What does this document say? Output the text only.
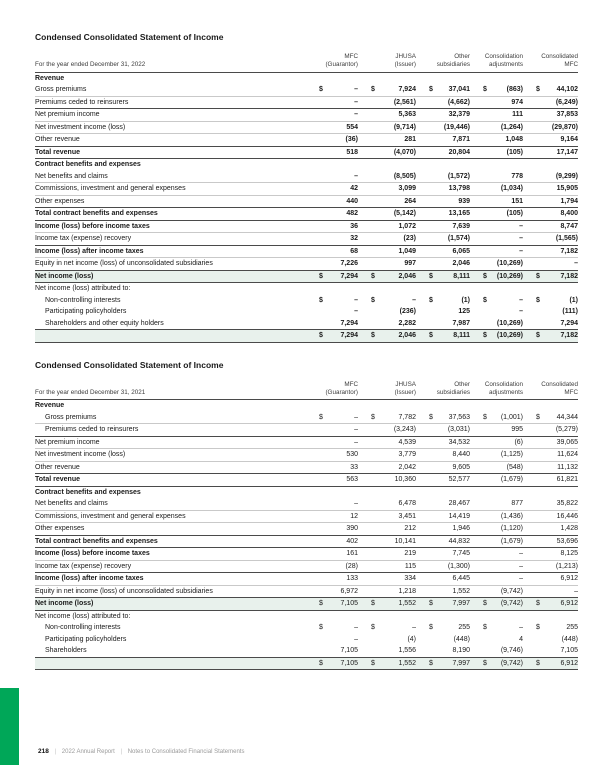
Condensed Consolidated Statement of Income
For the year ended December 31, 2022	
MFC
(Guarantor)

JHUSA
(Issuer)

Other
subsidiaries

Consolidation
adjustments

Consolidated
MFC

Revenue					
Gross premiums	$ –	$ 7,924	$ 37,041	$ (863)	$ 44,102

Premiums ceded to reinsurers	–	(2,561)	(4,662)	974	(6,249)

Net premium income	–	5,363	32,379	111	37,853

Net investment income (loss)	554	(9,714)	(19,446)	(1,264)	(29,870)

Other revenue	(36)	281	7,871	1,048	9,164

Total revenue	518	(4,070)	20,804	(105)	17,147

Contract benefits and expenses					
Net benefits and claims	–	(8,505)	(1,572)	778	(9,299)

Commissions, investment and general expenses	42	3,099	13,798	(1,034)	15,905

Other expenses	440	264	939	151	1,794

Total contract benefits and expenses	482	(5,142)	13,165	(105)	8,400

Income (loss) before income taxes	36	1,072	7,639	–	8,747

Income tax (expense) recovery	32	(23)	(1,574)	–	(1,565)

Income (loss) after income taxes	68	1,049	6,065	–	7,182

Equity in net income (loss) of unconsolidated subsidiaries	7,226	997	2,046	(10,269)	–

Net income (loss)	$ 7,294	$ 2,046	$ 8,111	$ (10,269)	$ 7,182

Net income (loss) attributed to:					
Non-controlling interests	$ –	$ –	$ (1)	$ –	$ (1)

Participating policyholders	–	(236)	125	–	(111)

Shareholders and other equity holders	7,294	2,282	7,987	(10,269)	7,294

	$ 7,294	$ 2,046	$ 8,111	$ (10,269)	$ 7,182
Condensed Consolidated Statement of Income
For the year ended December 31, 2021	
MFC
(Guarantor)

JHUSA
(Issuer)

Other
subsidiaries

Consolidation
adjustments

Consolidated
MFC

Revenue					
Gross premiums	$ –	$ 7,782	$ 37,563	$ (1,001)	$ 44,344

Premiums ceded to reinsurers	–	(3,243)	(3,031)	995	(5,279)

Net premium income	–	4,539	34,532	(6)	39,065

Net investment income (loss)	530	3,779	8,440	(1,125)	11,624

Other revenue	33	2,042	9,605	(548)	11,132

Total revenue	563	10,360	52,577	(1,679)	61,821

Contract benefits and expenses					
Net benefits and claims	–	6,478	28,467	877	35,822

Commissions, investment and general expenses	12	3,451	14,419	(1,436)	16,446

Other expenses	390	212	1,946	(1,120)	1,428

Total contract benefits and expenses	402	10,141	44,832	(1,679)	53,696

Income (loss) before income taxes	161	219	7,745	–	8,125

Income tax (expense) recovery	(28)	115	(1,300)	–	(1,213)

Income (loss) after income taxes	133	334	6,445	–	6,912

Equity in net income (loss) of unconsolidated subsidiaries	6,972	1,218	1,552	(9,742)	–

Net income (loss)	$ 7,105	$ 1,552	$ 7,997	$ (9,742)	$ 6,912

Net income (loss) attributed to:					
Non-controlling interests	$ –	$ –	$ 255	$ –	$ 255

Participating policyholders	–	(4)	(448)	4	(448)

Shareholders	7,105	1,556	8,190	(9,746)	7,105

	$ 7,105	$ 1,552	$ 7,997	$ (9,742)	$ 6,912
218 | 2022 Annual Report | Notes to Consolidated Financial Statements
